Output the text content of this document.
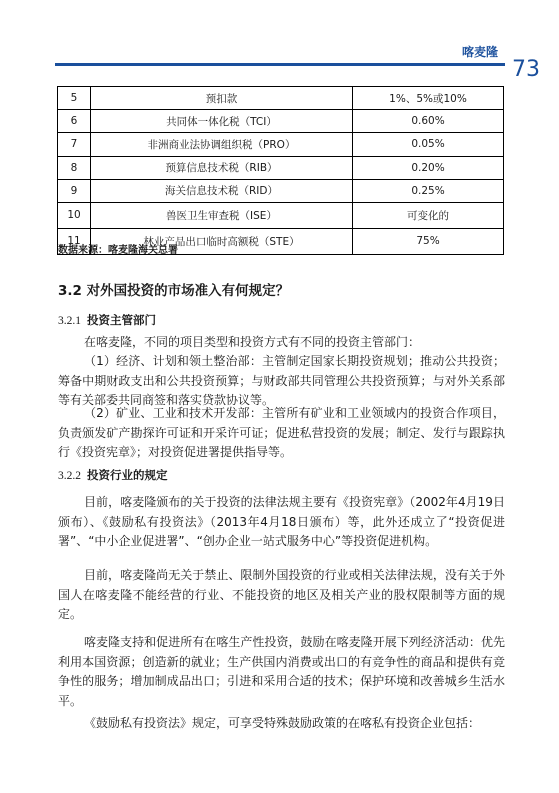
喀麦隆
73
5	预扣款	1%、5%或10%
6	共同体一体化税（TCI）	0.60%
7	非洲商业法协调组织税（PRO）	0.05%
8	预算信息技术税（RIB）	0.20%
9	海关信息技术税（RID）	0.25%
10	兽医卫生审查税（ISE）	可变化的
11	林业产品出口临时高额税（STE）	75%
数据来源：喀麦隆海关总署
3.2 对外国投资的市场准入有何规定？
3.2.1 投资主管部门

在喀麦隆，不同的项目类型和投资方式有不同的投资主管部门：

（1）经济、计划和领土整治部：主管制定国家长期投资规划；推动公共投资；筹备中期财政支出和公共投资预算；与财政部共同管理公共投资预算；与对外关系部等有关部委共同商签和落实贷款协议等。

（2）矿业、工业和技术开发部：主管所有矿业和工业领域内的投资合作项目，负责颁发矿产勘探许可证和开采许可证；促进私营投资的发展；制定、发行与跟踪执行《投资宪章》；对投资促进署提供指导等。

3.2.2 投资行业的规定

目前，喀麦隆颁布的关于投资的法律法规主要有《投资宪章》（2002年4月19日颁布）、《鼓励私有投资法》（2013年4月18日颁布）等，此外还成立了“投资促进署”、“中小企业促进署”、“创办企业一站式服务中心”等投资促进机构。

目前，喀麦隆尚无关于禁止、限制外国投资的行业或相关法律法规，没有关于外国人在喀麦隆不能经营的行业、不能投资的地区及相关产业的股权限制等方面的规定。

喀麦隆支持和促进所有在喀生产性投资，鼓励在喀麦隆开展下列经济活动：优先利用本国资源；创造新的就业；生产供国内消费或出口的有竞争性的商品和提供有竞争性的服务；增加制成品出口；引进和采用合适的技术；保护环境和改善城乡生活水平。

《鼓励私有投资法》规定，可享受特殊鼓励政策的在喀私有投资企业包括：
